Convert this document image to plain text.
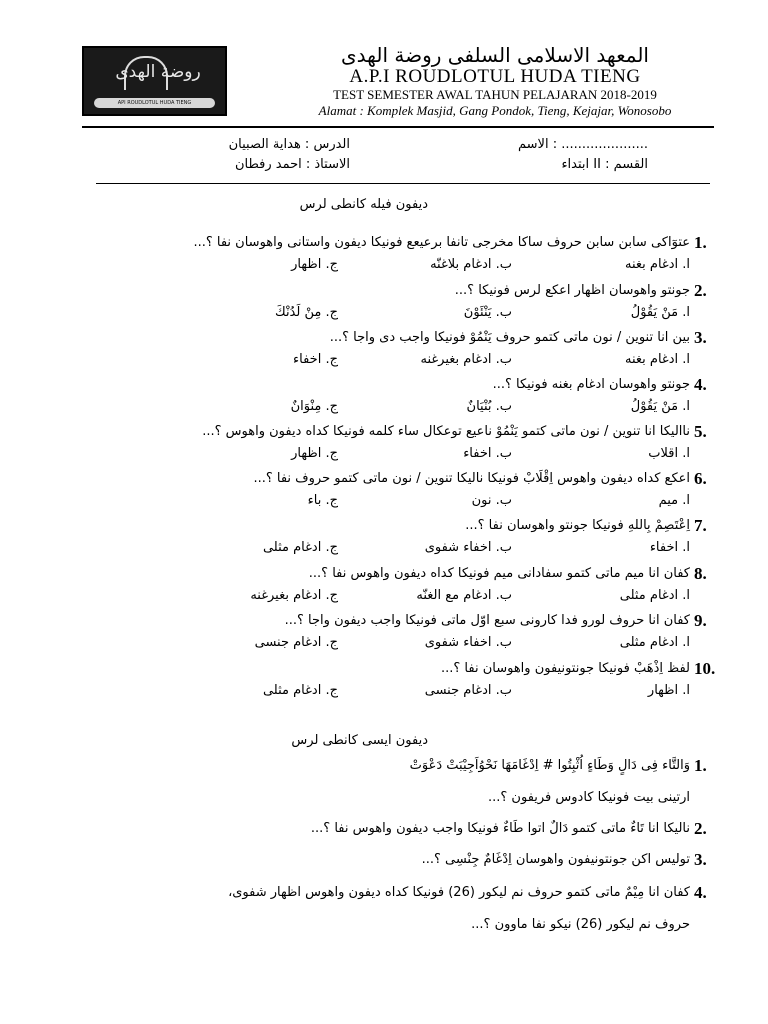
روضة الهدى
API ROUDLOTUL HUDA TIENG
المعهد الاسلامى السلفى روضة الهدى
A.P.I ROUDLOTUL HUDA TIENG
TEST SEMESTER AWAL TAHUN PELAJARAN 2018-2019
Alamat : Komplek Masjid, Gang Pondok, Tieng, Kejajar, Wonosobo
..................... : الاسم
القسم : II ابتداء
الدرس : هداية الصبيان
الاستاذ : احمد رفطان
ديفون فيله كانطى لرس
1.
عتوٓاكى سابن سابن حروف ساكا مخرجى تانفا برعيعع فونيكا ديفون واستانى واهوسان نفا ؟...
ا. ادغام بغنه
ب. ادغام بلاغنّه
ج. اظهار
2.
جونتو واهوسان اظهار اعكع لرس فونيكا ؟...
ا. مَنْ يَقُوْلُ
ب. يَنْئَوْنَ
ج. مِنْ لَدُنْكَ
3.
بين انا تنوين / نون ماتى كتمو حروف يَنْمُوْ فونيكا واجب دى واجا ؟...
ا. ادغام بغنه
ب. ادغام بغيرغنه
ج. اخفاء
4.
جونتو واهوسان ادغام بغنه فونيكا ؟...
ا. مَنْ يَقُوْلُ
ب. بُنْيَانٌ
ج. مِنْوَانٌ
5.
نااليكا انا تنوين / نون ماتى كتمو يَنْمُوْ ناعيع توعكال ساء كلمه فونيكا كداه ديفون واهوس ؟...
ا. اقلاب
ب. اخفاء
ج. اظهار
6.
اعكع كداه ديفون واهوس اِقْلَابْ فونيكا ناليكا تنوين / نون ماتى كتمو حروف نفا ؟...
ا. ميم
ب. نون
ج. باء
7.
اِعْتَصِمْ بِاللهِ فونيكا جونتو واهوسان نفا ؟...
ا. اخفاء
ب. اخفاء شفوى
ج. ادغام مثلى
8.
كفان انا ميم ماتى كتمو سفادانى ميم فونيكا كداه ديفون واهوس نفا ؟...
ا. ادغام مثلى
ب. ادغام مع الغنّه
ج. ادغام بغيرغنه
9.
كفان انا حروف لورو فدا كارونى سبع اوّل ماتى فونيكا واجب ديفون واجا ؟...
ا. ادغام مثلى
ب. اخفاء شفوى
ج. ادغام جنسى
10.
لفظ اِذْهَبْ فونيكا جونتونيفون واهوسان نفا ؟...
ا. اظهار
ب. ادغام جنسى
ج. ادغام مثلى
ديفون ايسى كانطى لرس
1.
وَالتَّاء فِى دَالٍ وَطَاءٍ اُثْبِتُوا # اِدْغَامَهَا نَحْوُاَجِيْبَتْ دَعْوَتْ
ارتينى بيت فونيكا كادوس فريفون ؟...
2.
ناليكا انا تَاءٌ ماتى كتمو دَالٌ اتوا طَاءٌ فونيكا واجب ديفون واهوس نفا ؟...
3.
توليس اكن جونتونيفون واهوسان اِدْغَامٌ جِنْسِى ؟...
4.
كفان انا مِيْمٌ ماتى كتمو حروف نم ليكور (26) فونيكا كداه ديفون واهوس اظهار شفوى،
حروف نم ليكور (26) نيكو نفا ماوون ؟...
